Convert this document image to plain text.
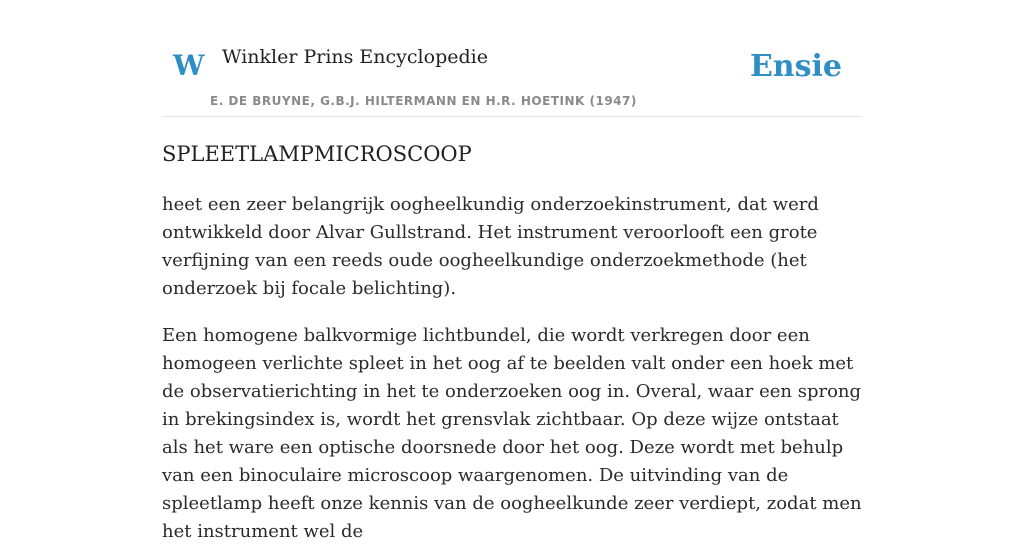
W Winkler Prins Encyclopedie
E. DE BRUYNE, G.B.J. HILTERMANN EN H.R. HOETINK (1947)
Ensie
SPLEETLAMPMICROSCOOP

heet een zeer belangrijk oogheelkundig onderzoekinstrument, dat werd ontwikkeld door Alvar Gullstrand. Het instrument veroorlooft een grote verfijning van een reeds oude oogheelkundige onderzoekmethode (het onderzoek bij focale belichting).

Een homogene balkvormige lichtbundel, die wordt verkregen door een homogeen verlichte spleet in het oog af te beelden valt onder een hoek met de observatierichting in het te onderzoeken oog in. Overal, waar een sprong in brekingsindex is, wordt het grensvlak zichtbaar. Op deze wijze ontstaat als het ware een optische doorsnede door het oog. Deze wordt met behulp van een binoculaire microscoop waargenomen. De uitvinding van de spleetlamp heeft onze kennis van de oogheelkunde zeer verdiept, zodat men het instrument wel de
